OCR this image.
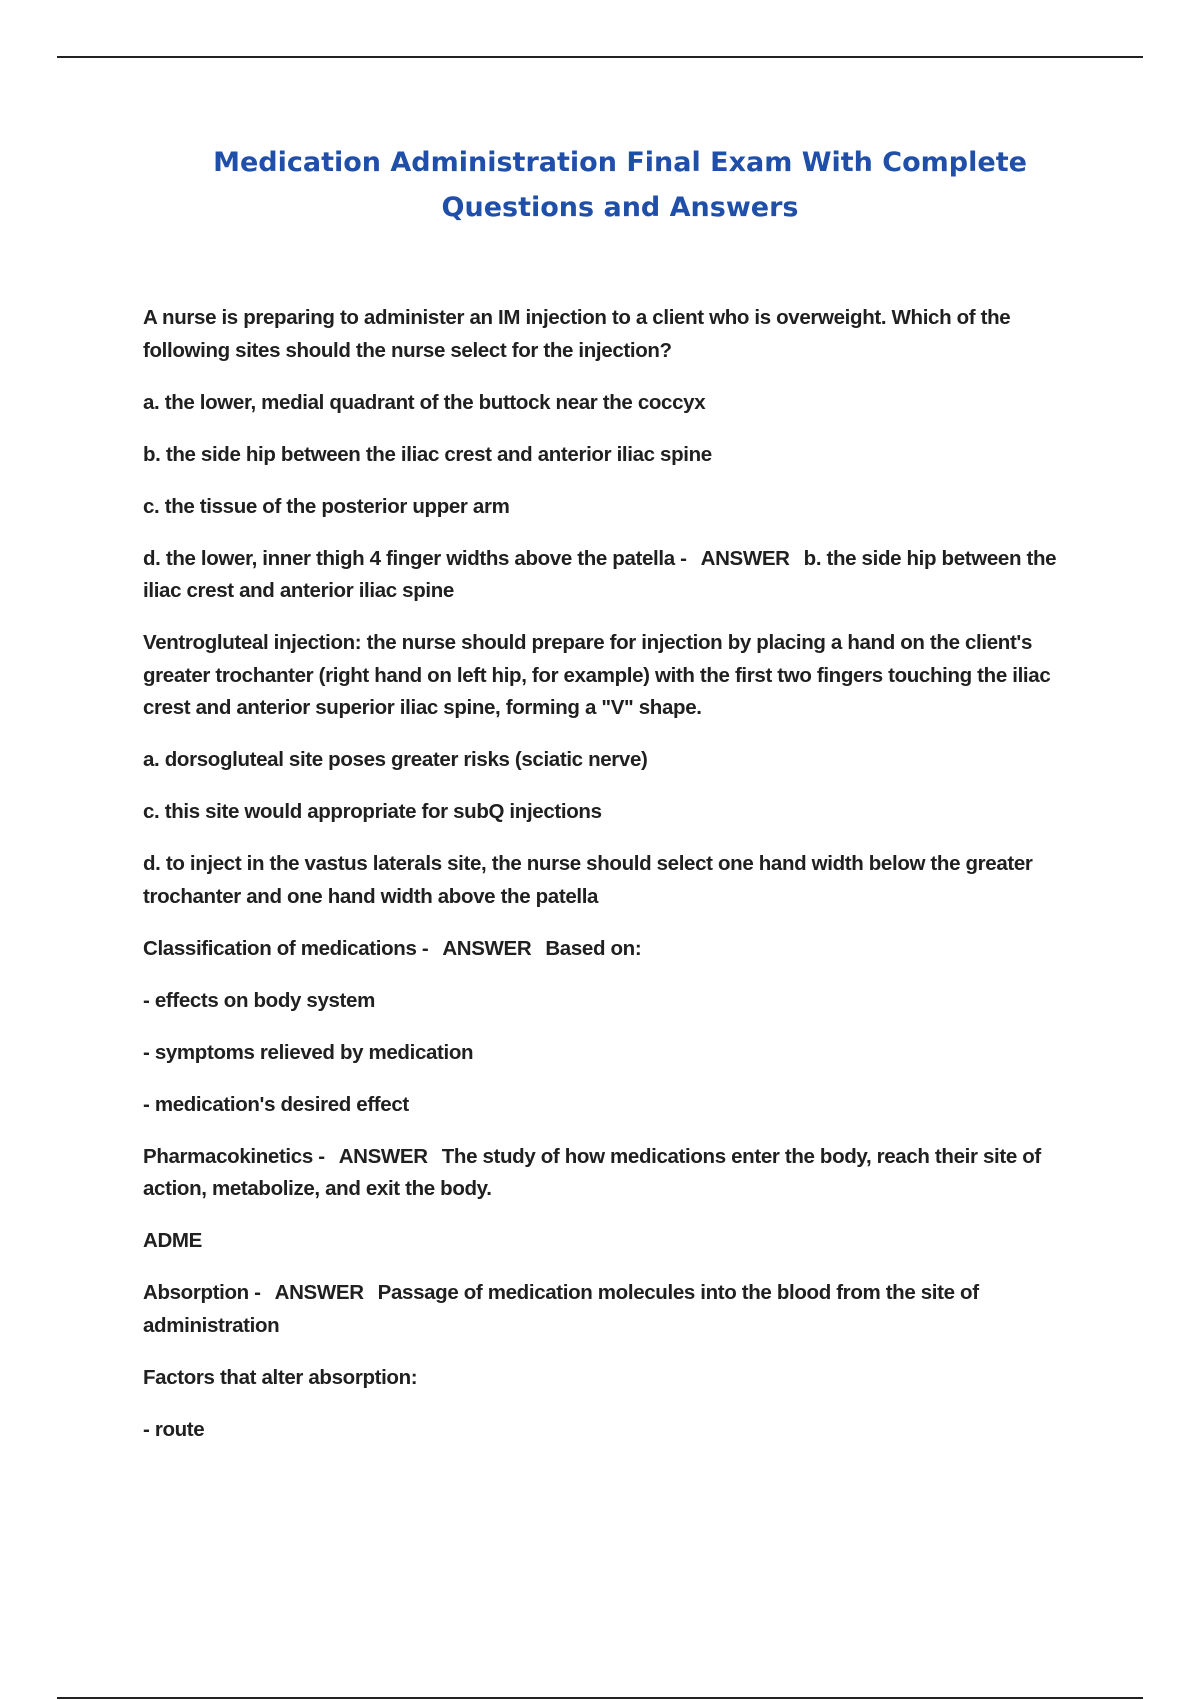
Medication Administration Final Exam With Complete
Questions and Answers

A nurse is preparing to administer an IM injection to a client who is overweight. Which of the following sites should the nurse select for the injection?

a. the lower, medial quadrant of the buttock near the coccyx

b. the side hip between the iliac crest and anterior iliac spine

c. the tissue of the posterior upper arm

d. the lower, inner thigh 4 finger widths above the patella - ANSWER b. the side hip between the iliac crest and anterior iliac spine

Ventrogluteal injection: the nurse should prepare for injection by placing a hand on the client's greater trochanter (right hand on left hip, for example) with the first two fingers touching the iliac crest and anterior superior iliac spine, forming a "V" shape.

a. dorsogluteal site poses greater risks (sciatic nerve)

c. this site would appropriate for subQ injections

d. to inject in the vastus laterals site, the nurse should select one hand width below the greater trochanter and one hand width above the patella

Classification of medications - ANSWER Based on:

- effects on body system

- symptoms relieved by medication

- medication's desired effect

Pharmacokinetics - ANSWER The study of how medications enter the body, reach their site of action, metabolize, and exit the body.

ADME

Absorption - ANSWER Passage of medication molecules into the blood from the site of administration

Factors that alter absorption:

- route
